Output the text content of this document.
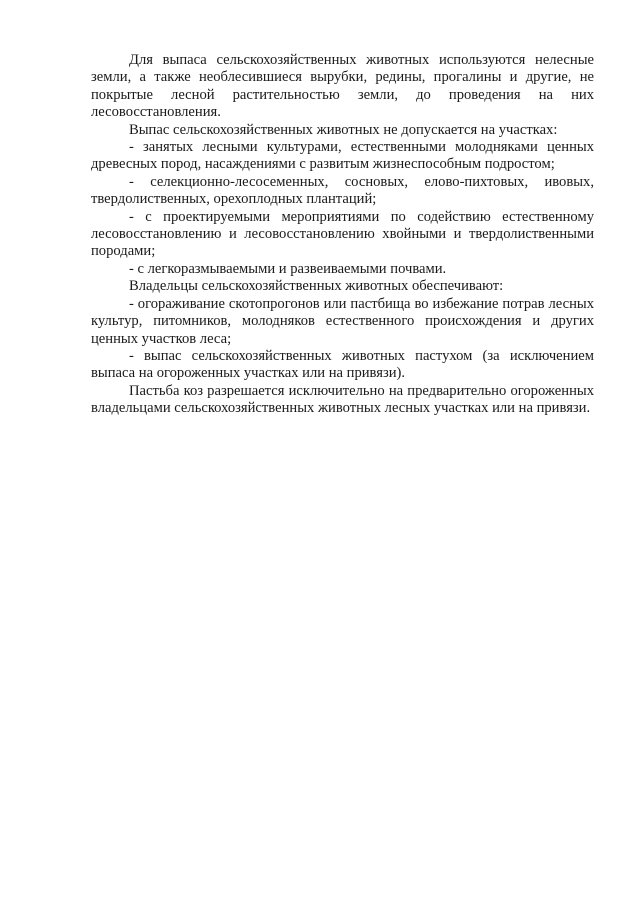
Для выпаса сельскохозяйственных животных используются нелесные земли, а также необлесившиеся вырубки, редины, прогалины и другие, не покрытые лесной растительностью земли, до проведения на них лесовосстановления.

Выпас сельскохозяйственных животных не допускается на участках:

- занятых лесными культурами, естественными молодняками ценных древесных пород, насаждениями с развитым жизнеспособным подростом;

- селекционно-лесосеменных, сосновых, елово-пихтовых, ивовых, твердолиственных, орехоплодных плантаций;

- с проектируемыми мероприятиями по содействию естественному лесовосстановлению и лесовосстановлению хвойными и твердолиственными породами;

- с легкоразмываемыми и развеиваемыми почвами.

Владельцы сельскохозяйственных животных обеспечивают:

- огораживание скотопрогонов или пастбища во избежание потрав лесных культур, питомников, молодняков естественного происхождения и других ценных участков леса;

- выпас сельскохозяйственных животных пастухом (за исключением выпаса на огороженных участках или на привязи).

Пастьба коз разрешается исключительно на предварительно огороженных владельцами сельскохозяйственных животных лесных участках или на привязи.
